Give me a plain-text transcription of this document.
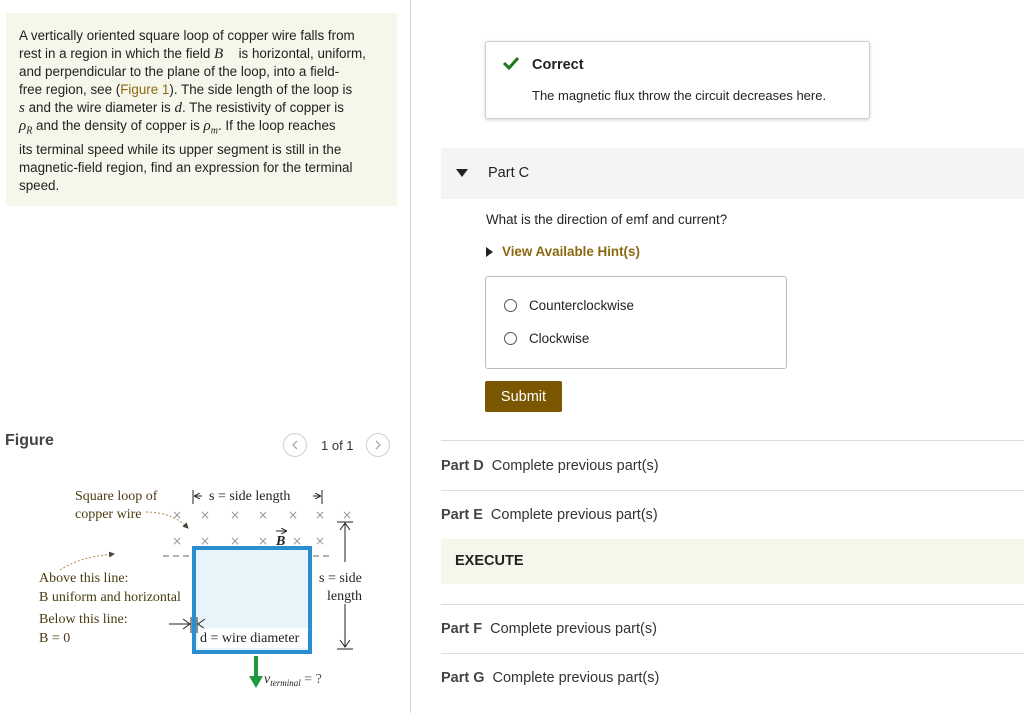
A vertically oriented square loop of copper wire falls from
rest in a region in which the field B⃗ is horizontal, uniform,
and perpendicular to the plane of the loop, into a field-
free region, see (Figure 1). The side length of the loop is
s and the wire diameter is d. The resistivity of copper is
$\rho_R$ and the density of copper is $\rho_m$. If the loop reaches
its terminal speed while its upper segment is still in the
magnetic-field region, find an expression for the terminal
speed.
Figure	1 of 1
Square loop of
copper wire
Above this line:
B uniform and horizontal
Below this line:
B = 0
s = side length
s = side
length
× × × × × × ×
× × × ×	×
×
B
d = wire diameter
$v_{terminal}$ = ?
Correct
The magnetic flux throw the circuit decreases here.
Part C
What is the direction of emf and current?
View Available Hint(s)
Counterclockwise
Clockwise
Submit
Part D Complete previous part(s)
Part E Complete previous part(s)
EXECUTE
Part F Complete previous part(s)
Part G Complete previous part(s)
